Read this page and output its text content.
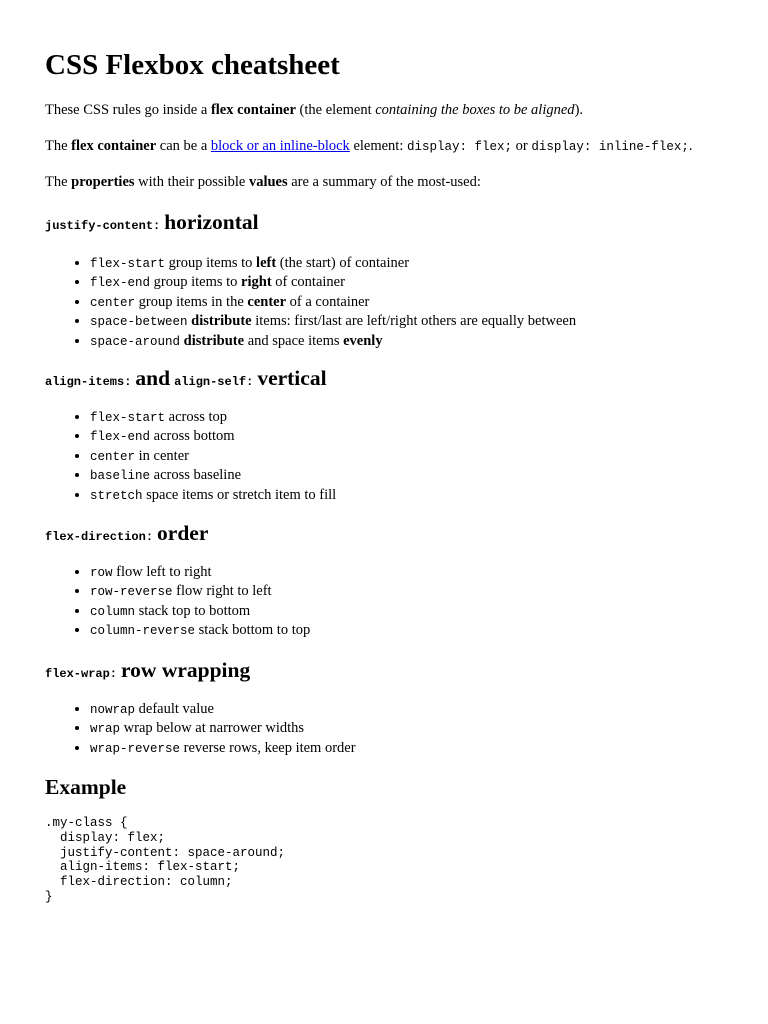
CSS Flexbox cheatsheet

These CSS rules go inside a flex container (the element containing the boxes to be aligned).

The flex container can be a block or an inline-block element: display: flex; or display: inline-flex;.

The properties with their possible values are a summary of the most-used:

justify-content: horizontal
• flex-start group items to left (the start) of container
• flex-end group items to right of container
• center group items in the center of a container
• space-between distribute items: first/last are left/right others are equally between
• space-around distribute and space items evenly
align-items: and align-self: vertical
• flex-start across top
• flex-end across bottom
• center in center
• baseline across baseline
• stretch space items or stretch item to fill
flex-direction: order
• row flow left to right
• row-reverse flow right to left
• column stack top to bottom
• column-reverse stack bottom to top
flex-wrap: row wrapping
• nowrap default value
• wrap wrap below at narrower widths
• wrap-reverse reverse rows, keep item order
Example
.my-class {
display: flex;
justify-content: space-around;
align-items: flex-start;
flex-direction: column;
}
